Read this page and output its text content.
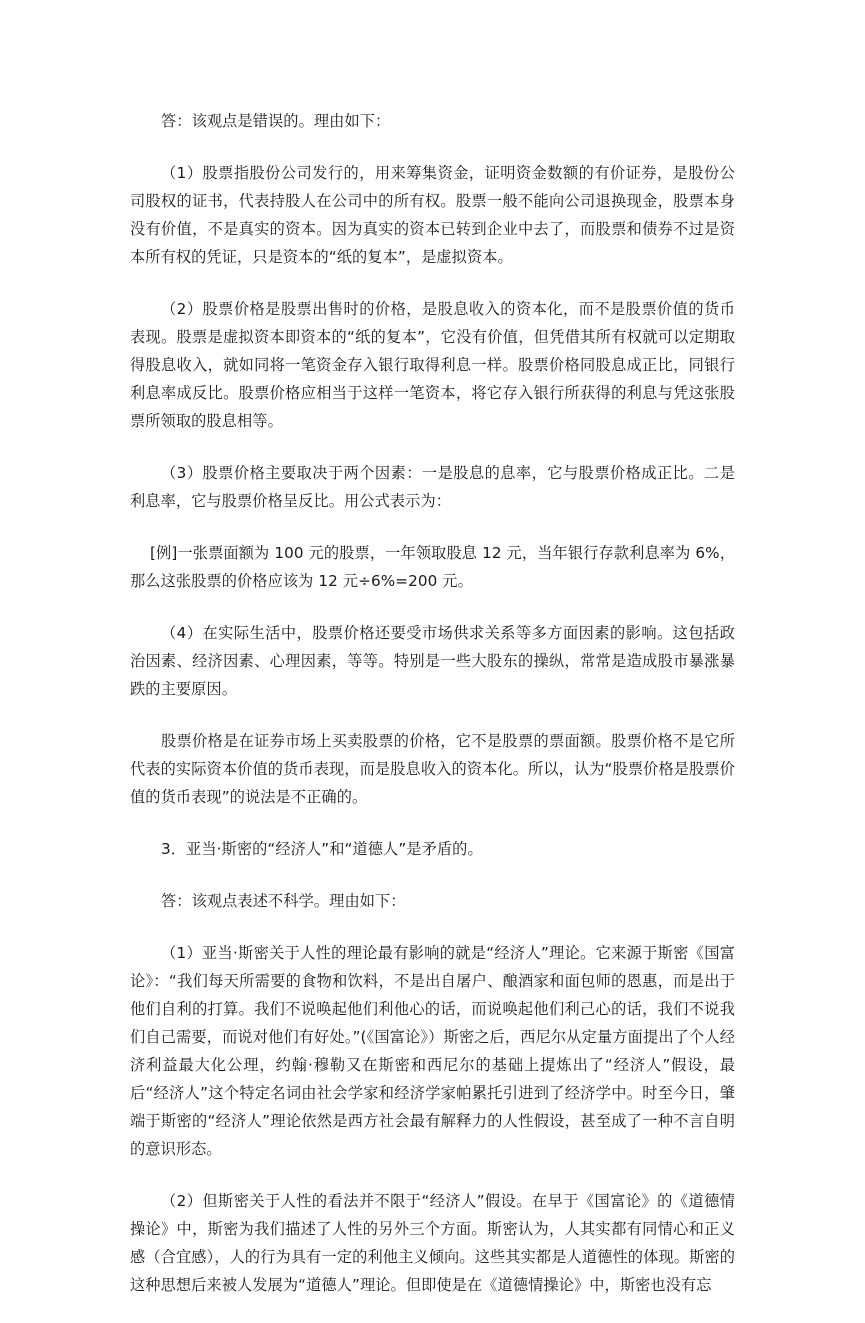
答：该观点是错误的。理由如下：

（1）股票指股份公司发行的，用来筹集资金，证明资金数额的有价证券，是股份公司股权的证书，代表持股人在公司中的所有权。股票一般不能向公司退换现金，股票本身没有价值，不是真实的资本。因为真实的资本已转到企业中去了，而股票和债券不过是资本所有权的凭证，只是资本的“纸的复本”，是虚拟资本。

（2）股票价格是股票出售时的价格，是股息收入的资本化，而不是股票价值的货币表现。股票是虚拟资本即资本的“纸的复本”，它没有价值，但凭借其所有权就可以定期取得股息收入，就如同将一笔资金存入银行取得利息一样。股票价格同股息成正比，同银行利息率成反比。股票价格应相当于这样一笔资本，将它存入银行所获得的利息与凭这张股票所领取的股息相等。

（3）股票价格主要取决于两个因素：一是股息的息率，它与股票价格成正比。二是利息率，它与股票价格呈反比。用公式表示为：

[例]一张票面额为 100 元的股票，一年领取股息 12 元，当年银行存款利息率为 6%，那么这张股票的价格应该为 12 元÷6%=200 元。

（4）在实际生活中，股票价格还要受市场供求关系等多方面因素的影响。这包括政治因素、经济因素、心理因素，等等。特别是一些大股东的操纵，常常是造成股市暴涨暴跌的主要原因。

股票价格是在证券市场上买卖股票的价格，它不是股票的票面额。股票价格不是它所代表的实际资本价值的货币表现，而是股息收入的资本化。所以，认为“股票价格是股票价值的货币表现”的说法是不正确的。

3．亚当·斯密的“经济人”和“道德人”是矛盾的。

答：该观点表述不科学。理由如下：

（1）亚当·斯密关于人性的理论最有影响的就是“经济人”理论。它来源于斯密《国富论》：“我们每天所需要的食物和饮料，不是出自屠户、酿酒家和面包师的恩惠，而是出于他们自利的打算。我们不说唤起他们利他心的话，而说唤起他们利己心的话，我们不说我们自己需要，而说对他们有好处。”(《国富论》）斯密之后，西尼尔从定量方面提出了个人经济利益最大化公理，约翰·穆勒又在斯密和西尼尔的基础上提炼出了“经济人”假设，最后“经济人”这个特定名词由社会学家和经济学家帕累托引进到了经济学中。时至今日，肇端于斯密的“经济人”理论依然是西方社会最有解释力的人性假设，甚至成了一种不言自明的意识形态。

（2）但斯密关于人性的看法并不限于“经济人”假设。在早于《国富论》的《道德情操论》中，斯密为我们描述了人性的另外三个方面。斯密认为，人其实都有同情心和正义感（合宜感），人的行为具有一定的利他主义倾向。这些其实都是人道德性的体现。斯密的这种思想后来被人发展为“道德人”理论。但即使是在《道德情操论》中，斯密也没有忘
